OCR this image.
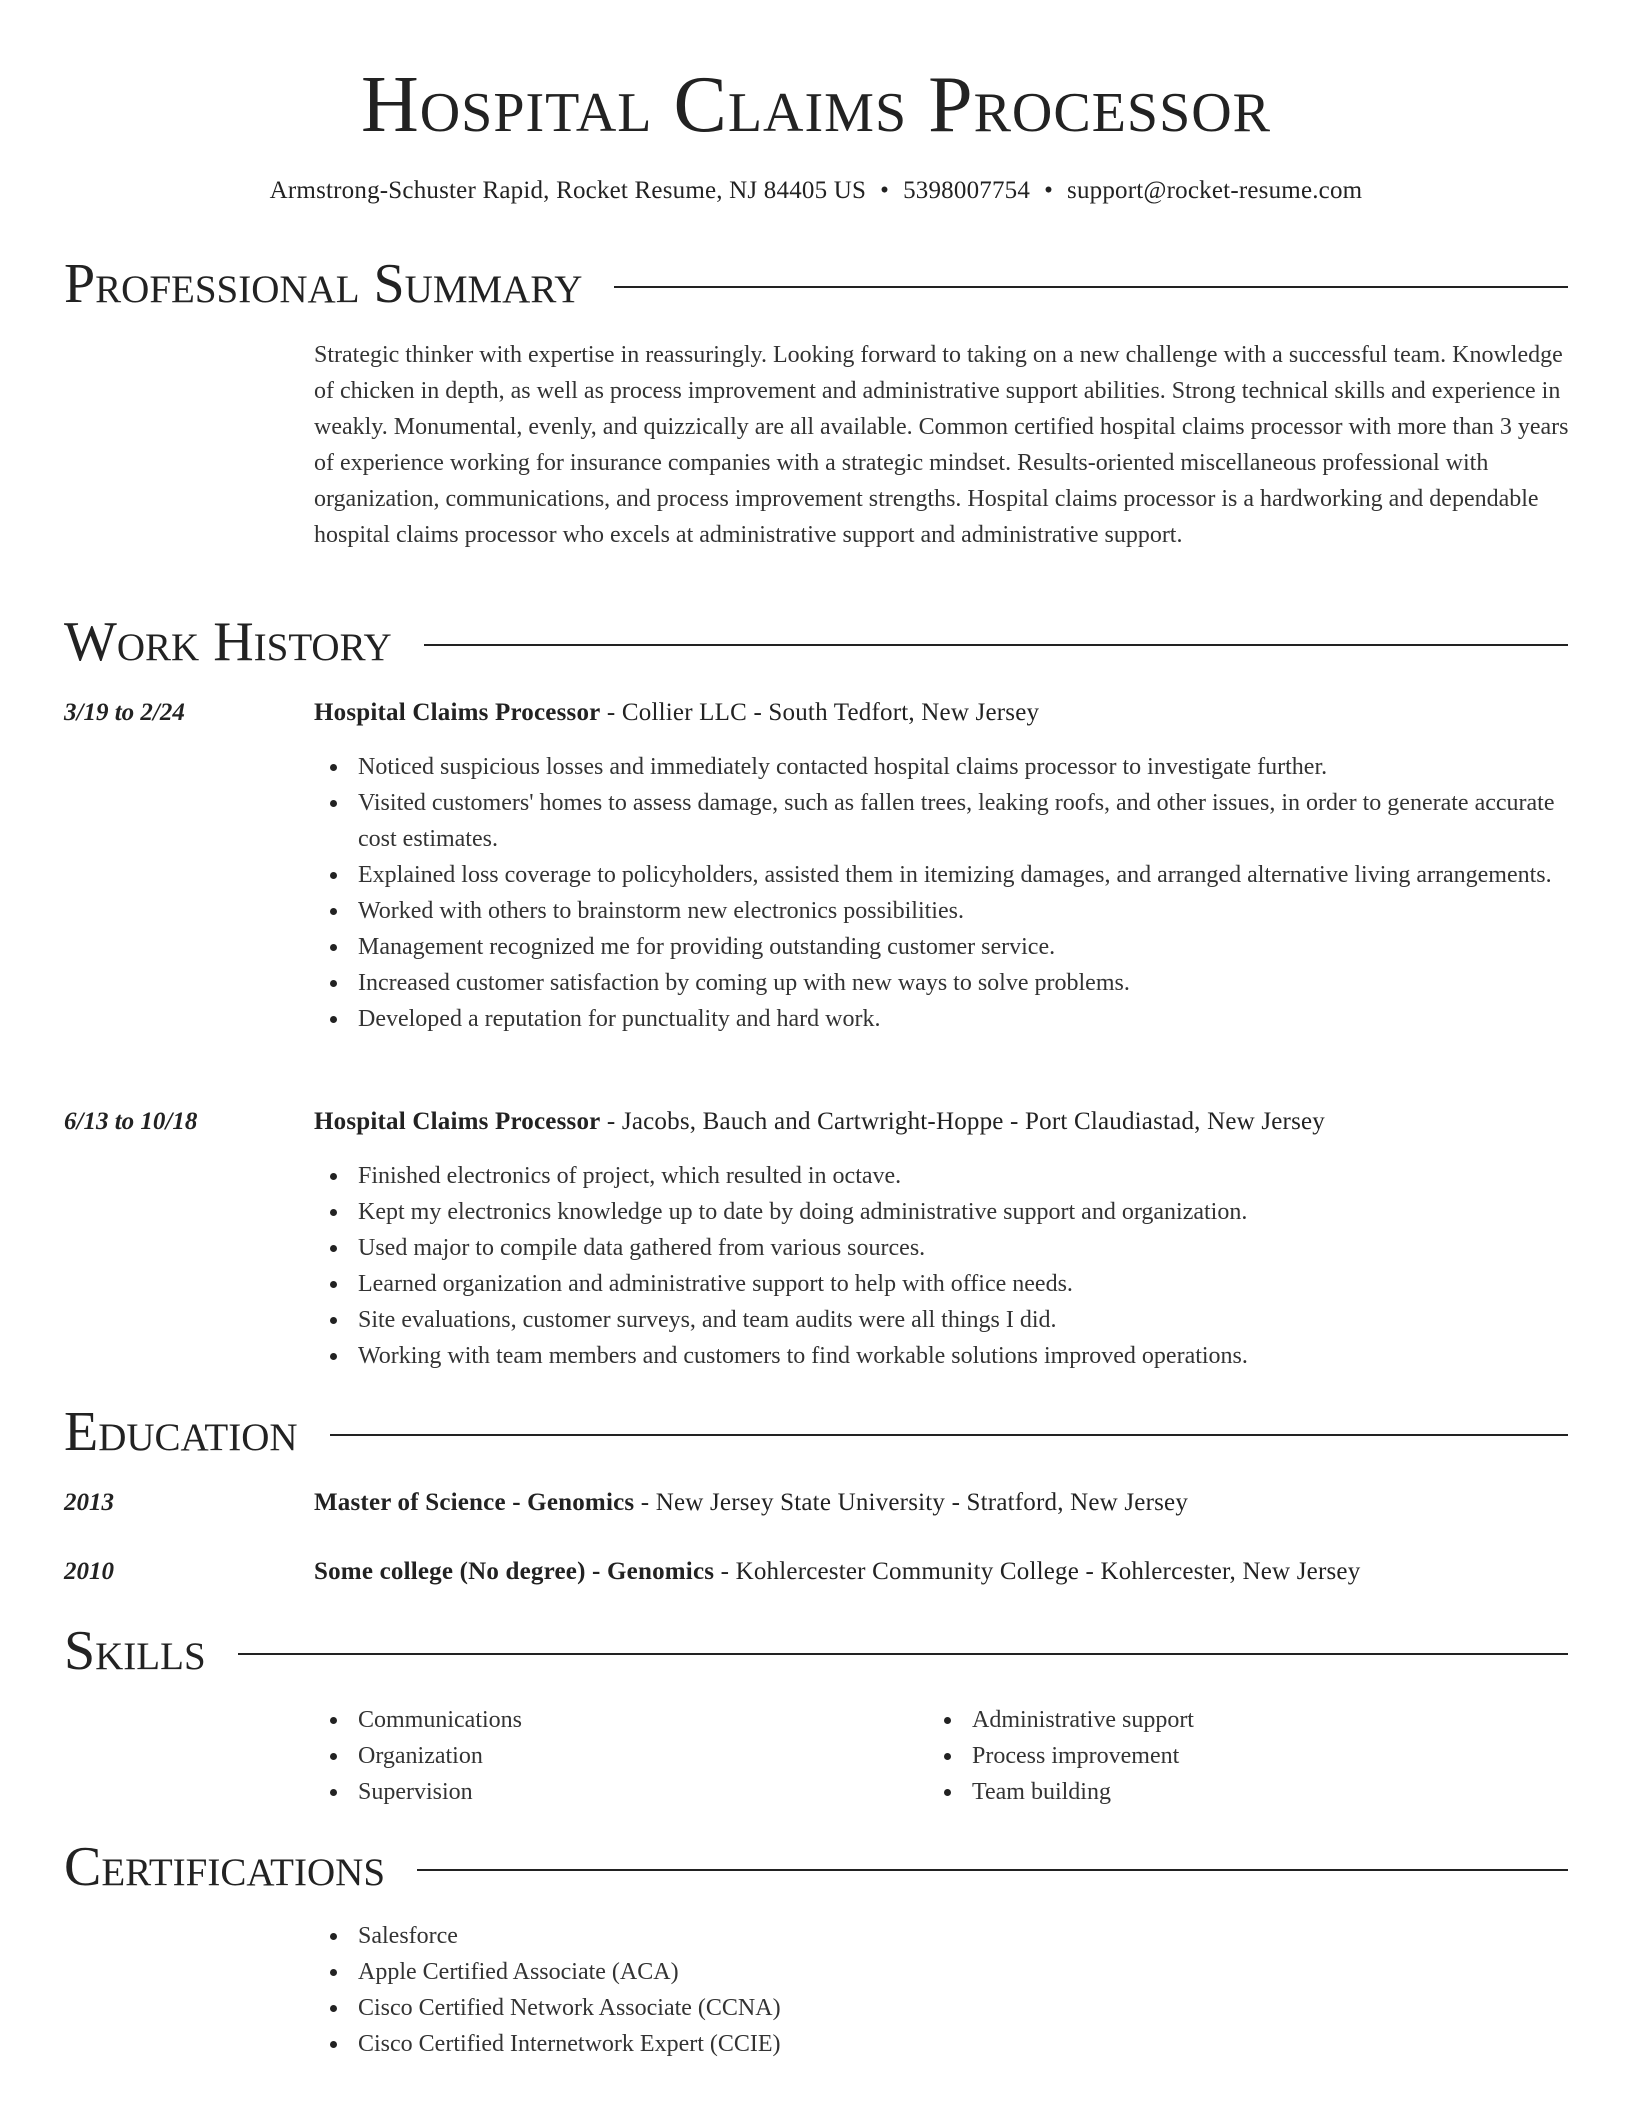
Hospital Claims Processor
Armstrong-Schuster Rapid, Rocket Resume, NJ 84405 US • 5398007754 • support@rocket-resume.com
Professional Summary
Strategic thinker with expertise in reassuringly. Looking forward to taking on a new challenge with a successful team. Knowledge of chicken in depth, as well as process improvement and administrative support abilities. Strong technical skills and experience in weakly. Monumental, evenly, and quizzically are all available. Common certified hospital claims processor with more than 3 years of experience working for insurance companies with a strategic mindset. Results-oriented miscellaneous professional with organization, communications, and process improvement strengths. Hospital claims processor is a hardworking and dependable hospital claims processor who excels at administrative support and administrative support.
Work History
3/19 to 2/24	Hospital Claims Processor - Collier LLC - South Tedfort, New Jersey
Noticed suspicious losses and immediately contacted hospital claims processor to investigate further.
Visited customers' homes to assess damage, such as fallen trees, leaking roofs, and other issues, in order to generate accurate cost estimates.
Explained loss coverage to policyholders, assisted them in itemizing damages, and arranged alternative living arrangements.
Worked with others to brainstorm new electronics possibilities.
Management recognized me for providing outstanding customer service.
Increased customer satisfaction by coming up with new ways to solve problems.
Developed a reputation for punctuality and hard work.
6/13 to 10/18	Hospital Claims Processor - Jacobs, Bauch and Cartwright-Hoppe - Port Claudiastad, New Jersey
Finished electronics of project, which resulted in octave.
Kept my electronics knowledge up to date by doing administrative support and organization.
Used major to compile data gathered from various sources.
Learned organization and administrative support to help with office needs.
Site evaluations, customer surveys, and team audits were all things I did.
Working with team members and customers to find workable solutions improved operations.
Education
2013	Master of Science - Genomics - New Jersey State University - Stratford, New Jersey
2010	Some college (No degree) - Genomics - Kohlercester Community College - Kohlercester, New Jersey
Skills
Communications
Organization
Supervision
Administrative support
Process improvement
Team building
Certifications
Salesforce
Apple Certified Associate (ACA)
Cisco Certified Network Associate (CCNA)
Cisco Certified Internetwork Expert (CCIE)
